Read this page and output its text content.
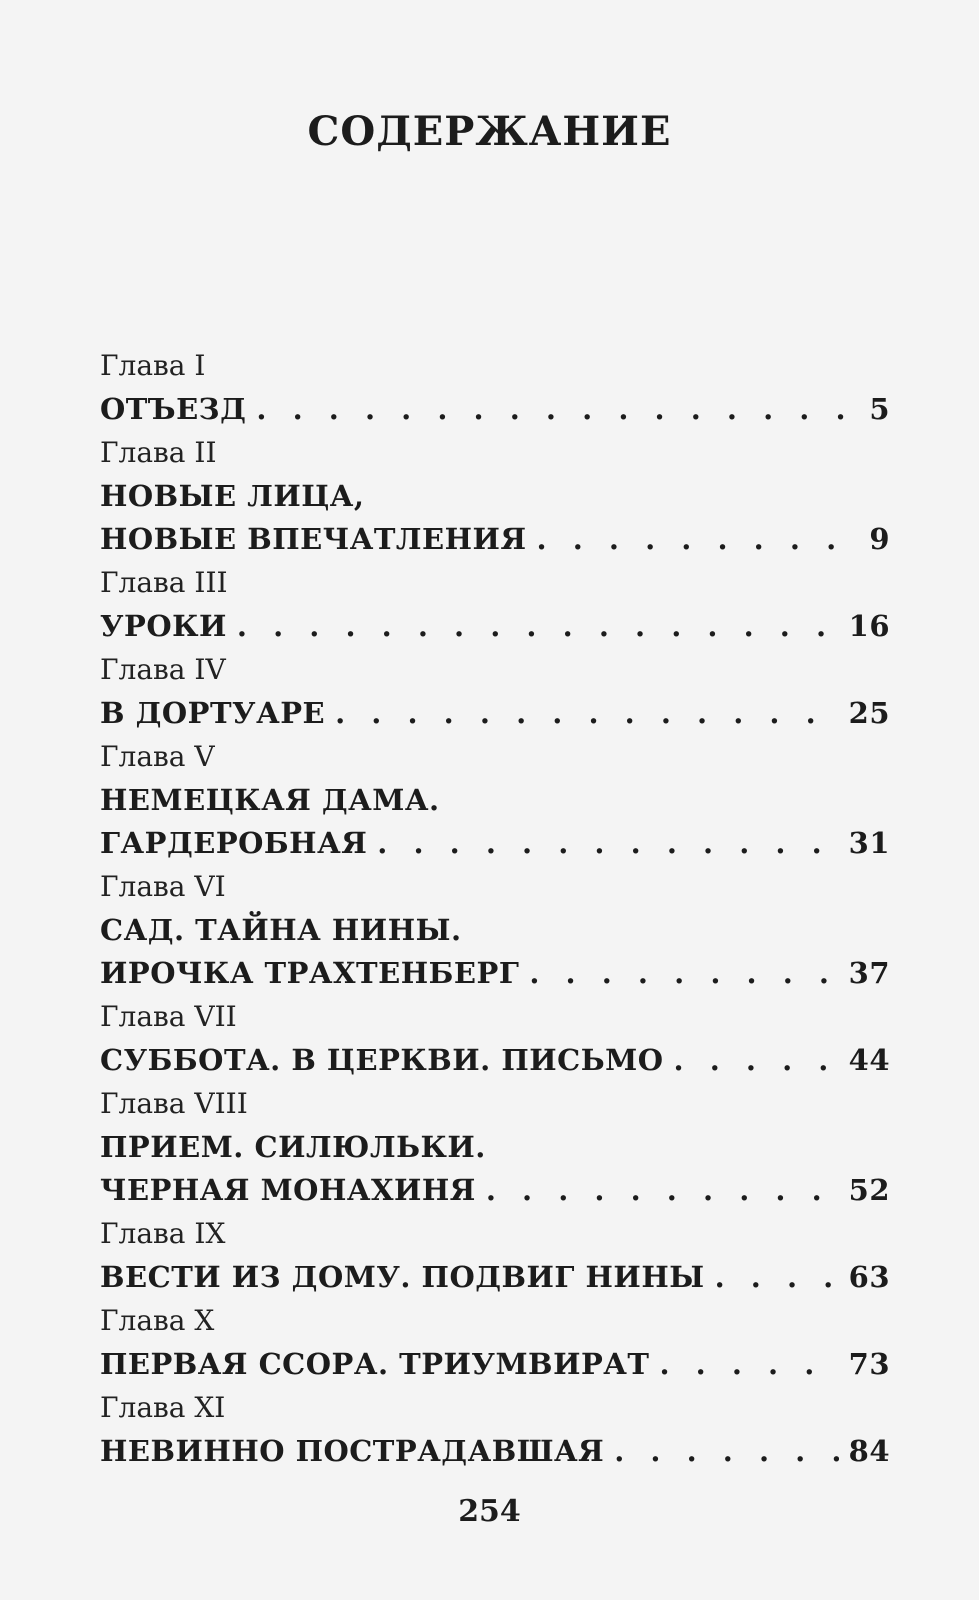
СОДЕРЖАНИЕ
Глава I
ОТЪЕЗД . . .	5
Глава II
НОВЫЕ ЛИЦА,
НОВЫЕ ВПЕЧАТЛЕНИЯ . . .	9
Глава III
УРОКИ . . .	16
Глава IV
В ДОРТУАРЕ . . .	25
Глава V
НЕМЕЦКАЯ ДАМА.
ГАРДЕРОБНАЯ . . .	31
Глава VI
САД. ТАЙНА НИНЫ.
ИРОЧКА ТРАХТЕНБЕРГ . . .	37
Глава VII
СУББОТА. В ЦЕРКВИ. ПИСЬМО . . .	44
Глава VIII
ПРИЕМ. СИЛЮЛЬКИ.
ЧЕРНАЯ МОНАХИНЯ . . .	52
Глава IX
ВЕСТИ ИЗ ДОМУ. ПОДВИГ НИНЫ . . .	63
Глава X
ПЕРВАЯ ССОРА. ТРИУМВИРАТ . . .	73
Глава XI
НЕВИННО ПОСТРАДАВШАЯ . . .	84
254
